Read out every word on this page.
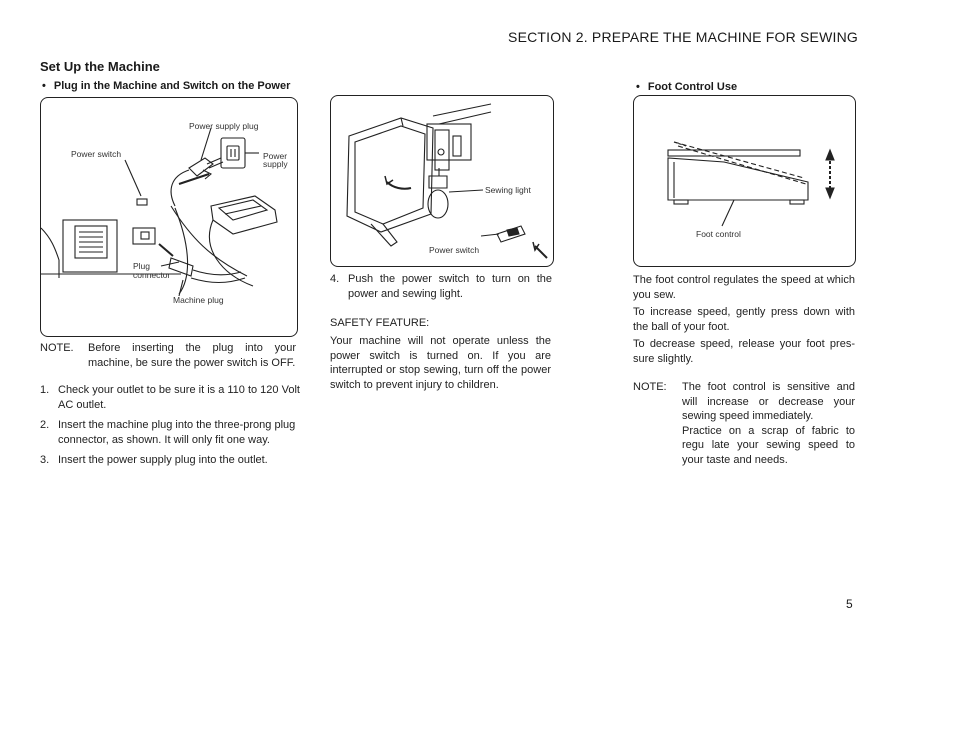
SECTION 2. PREPARE THE MACHINE FOR SEWING
Set Up the Machine
• Plug in the Machine and Switch on the Power
Power supply plug
Power switch	Power
supply
Plug
connector
Machine plug
NOTE.	Before inserting the plug into your machine, be sure the power switch is OFF.
1. Check your outlet to be sure it is a 110 to 120 Volt AC outlet.
2. Insert the machine plug into the three-prong plug connector, as shown. It will only fit one way.
3. Insert the power supply plug into the outlet.
Sewing light
Power switch
4. Push the power switch to turn on the power and sewing light.
SAFETY FEATURE:
Your machine will not operate unless the power switch is turned on. If you are interrupted or stop sewing, turn off the power switch to prevent injury to children.
• Foot Control Use
Foot control
The foot control regulates the speed at which you sew.
To increase speed, gently press down with the ball of your foot.
To decrease speed, release your foot pres-sure slightly.
NOTE:	The foot control is sensitive and will increase or decrease your sewing speed immediately.
Practice on a scrap of fabric to regu late your sewing speed to your taste and needs.
5
